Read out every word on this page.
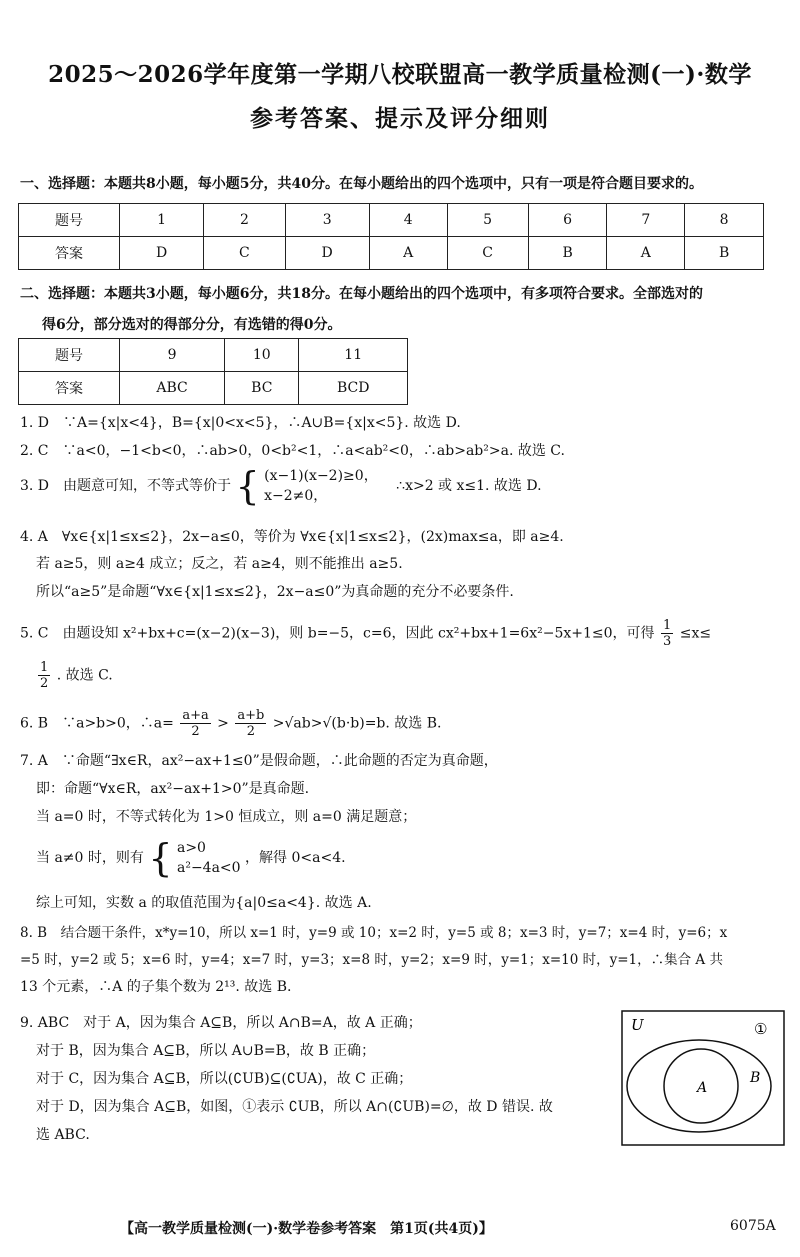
2025～2026学年度第一学期八校联盟高一教学质量检测(一)·数学
参考答案、提示及评分细则
一、选择题：本题共8小题，每小题5分，共40分。在每小题给出的四个选项中，只有一项是符合题目要求的。
题号	1	2	3	4	5	6	7	8
答案	D	C	D	A	C	B	A	B
二、选择题：本题共3小题，每小题6分，共18分。在每小题给出的四个选项中，有多项符合要求。全部选对的
得6分，部分选对的得部分分，有选错的得0分。
题号	9	10	11
答案	ABC	BC	BCD
1. D　∵A={x|x<4}，B={x|0<x<5}，∴A∪B={x|x<5}. 故选 D.
2. C　∵a<0，−1<b<0，∴ab>0，0<b²<1，∴a<ab²<0，∴ab>ab²>a. 故选 C.
3. D　由题意可知，不等式等价于 { (x−1)(x−2)≥0，
x−2≠0，
∴x>2 或 x≤1. 故选 D.
4. A　∀x∈{x|1≤x≤2}，2x−a≤0，等价为 ∀x∈{x|1≤x≤2}，(2x)max≤a，即 a≥4.
若 a≥5，则 a≥4 成立；反之，若 a≥4，则不能推出 a≥5.
所以“a≥5”是命题“∀x∈{x|1≤x≤2}，2x−a≤0”为真命题的充分不必要条件.
5. C　由题设知 x²+bx+c=(x−2)(x−3)，则 b=−5，c=6，因此 cx²+bx+1=6x²−5x+1≤0，可得 $\frac{1}{3} \le x\le$
$\frac{1}{2}$ . 故选 C.
6. B　∵a>b>0，∴a= $\frac{a+a}{2} > \frac{a+b}{2} >√ab>√(b\cdot b)=b$. 故选 B.
7. A　∵命题“∃x∈R，ax²−ax+1≤0”是假命题，∴此命题的否定为真命题，
即：命题“∀x∈R，ax²−ax+1>0”是真命题.
当 a=0 时，不等式转化为 1>0 恒成立，则 a=0 满足题意；
当 a≠0 时，则有 { a>0
a²−4a<0
，解得 0<a<4.
综上可知，实数 a 的取值范围为{a|0≤a<4}. 故选 A.
8. B　结合题干条件，x*y=10，所以 x=1 时，y=9 或 10；x=2 时，y=5 或 8；x=3 时，y=7；x=4 时，y=6；x
=5 时，y=2 或 5；x=6 时，y=4；x=7 时，y=3；x=8 时，y=2；x=9 时，y=1；x=10 时，y=1，∴集合 A 共
13 个元素，∴A 的子集个数为 2¹³. 故选 B.
9. ABC　对于 A，因为集合 A⊆B，所以 A∩B=A，故 A 正确；
对于 B，因为集合 A⊆B，所以 A∪B=B，故 B 正确；
对于 C，因为集合 A⊆B，所以(∁UB)⊆(∁UA)，故 C 正确；
对于 D，因为集合 A⊆B，如图，①表示 ∁UB，所以 A∩(∁UB)=∅，故 D 错误. 故
选 ABC.
U	①
A
B
【高一教学质量检测(一)·数学卷参考答案　第1页(共4页)】	6075A
